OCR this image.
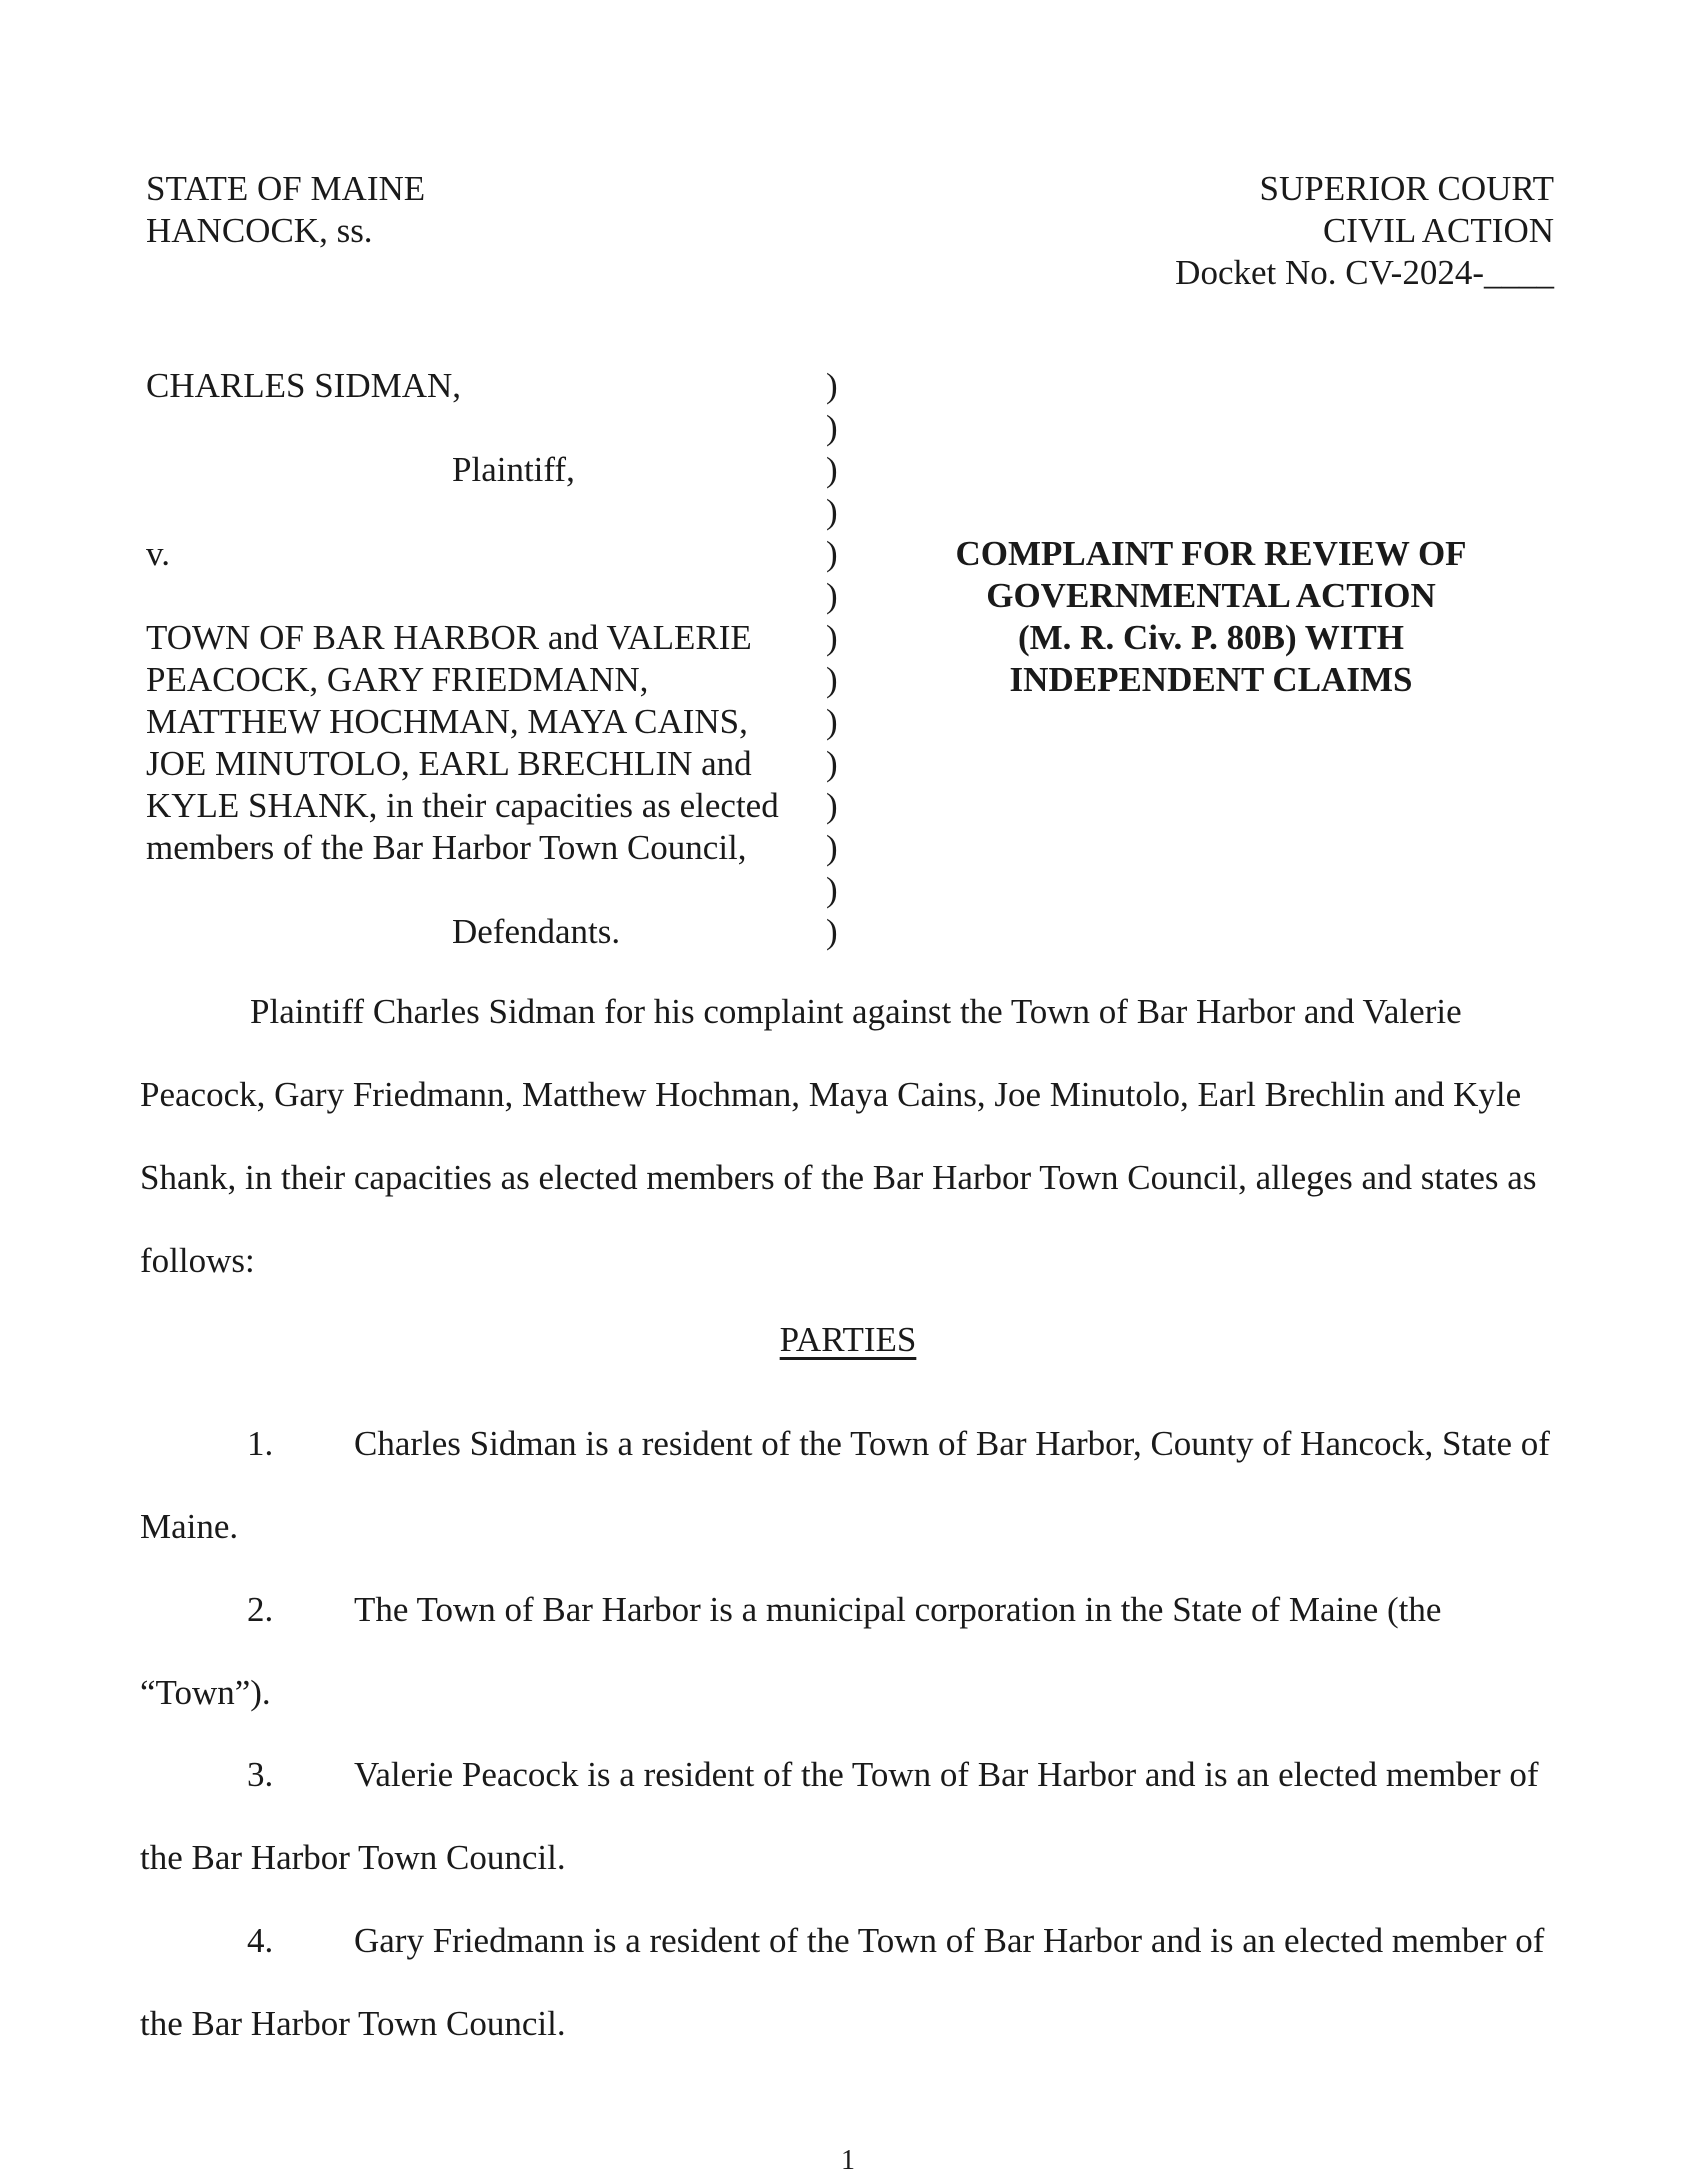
STATE OF MAINE
HANCOCK, ss.
SUPERIOR COURT
CIVIL ACTION
Docket No. CV-2024-____
CHARLES SIDMAN,
Plaintiff,
v.
TOWN OF BAR HARBOR and VALERIE
PEACOCK, GARY FRIEDMANN,
MATTHEW HOCHMAN, MAYA CAINS,
JOE MINUTOLO, EARL BRECHLIN and
KYLE SHANK, in their capacities as elected
members of the Bar Harbor Town Council,
Defendants.
)
)
)
)
)
)
)
)
)
)
)
)
)
)
COMPLAINT FOR REVIEW OF
GOVERNMENTAL ACTION
(M. R. Civ. P. 80B) WITH
INDEPENDENT CLAIMS
Plaintiff Charles Sidman for his complaint against the Town of Bar Harbor and Valerie Peacock, Gary Friedmann, Matthew Hochman, Maya Cains, Joe Minutolo, Earl Brechlin and Kyle Shank, in their capacities as elected members of the Bar Harbor Town Council, alleges and states as follows:
PARTIES
1. Charles Sidman is a resident of the Town of Bar Harbor, County of Hancock, State of Maine.
2. The Town of Bar Harbor is a municipal corporation in the State of Maine (the “Town”).
3. Valerie Peacock is a resident of the Town of Bar Harbor and is an elected member of the Bar Harbor Town Council.
4. Gary Friedmann is a resident of the Town of Bar Harbor and is an elected member of the Bar Harbor Town Council.
1
